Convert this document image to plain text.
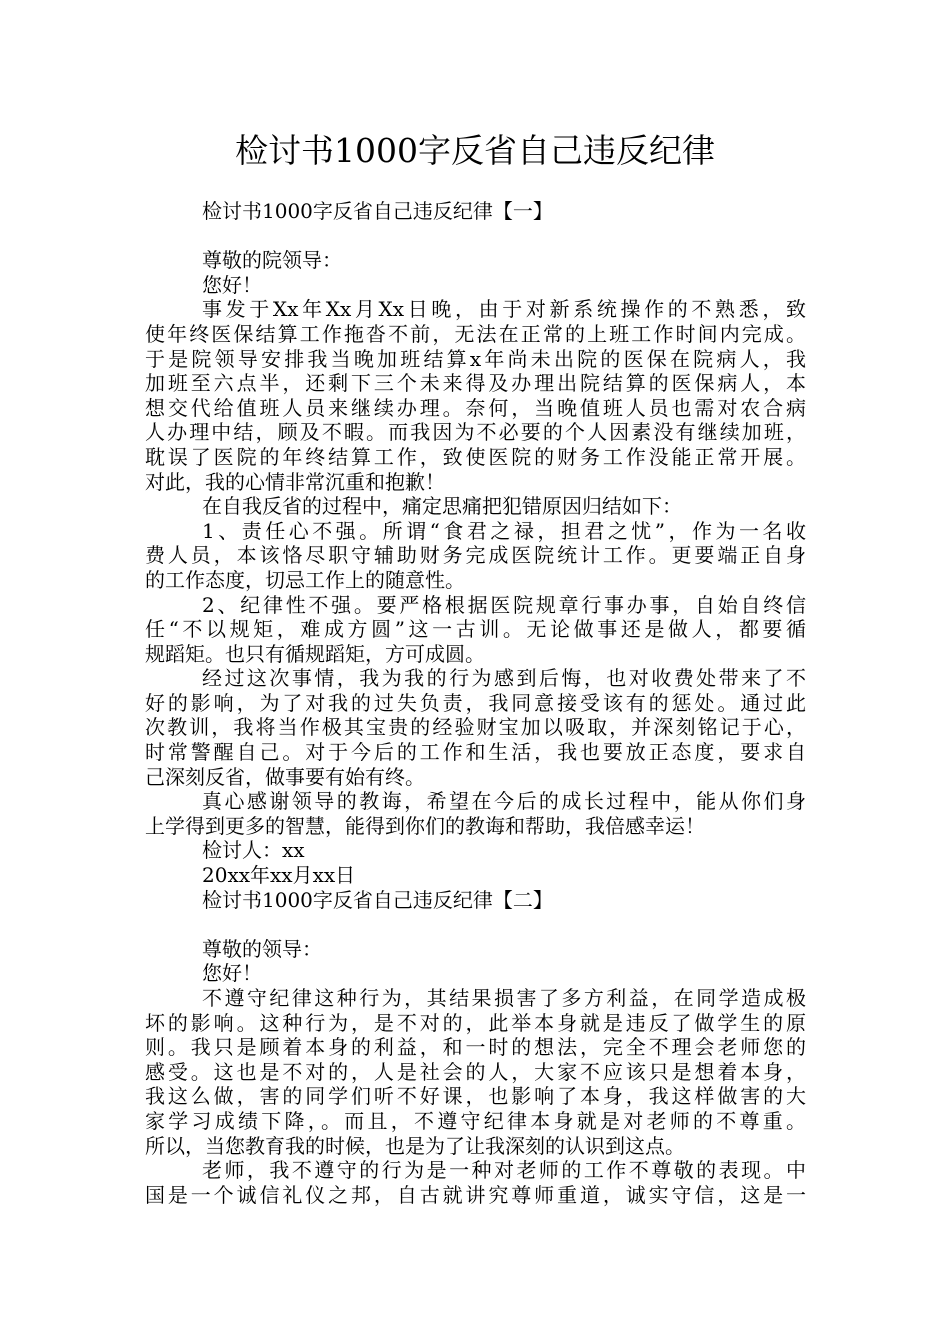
检讨书1000字反省自己违反纪律
检讨书1000字反省自己违反纪律【一】
尊敬的院领导：
您好！
事发于Xx年Xx月Xx日晚，由于对新系统操作的不熟悉，致
使年终医保结算工作拖沓不前，无法在正常的上班工作时间内完成。
于是院领导安排我当晚加班结算x年尚未出院的医保在院病人，我
加班至六点半，还剩下三个未来得及办理出院结算的医保病人，本
想交代给值班人员来继续办理。奈何，当晚值班人员也需对农合病
人办理中结，顾及不暇。而我因为不必要的个人因素没有继续加班，
耽误了医院的年终结算工作，致使医院的财务工作没能正常开展。
对此，我的心情非常沉重和抱歉！
在自我反省的过程中，痛定思痛把犯错原因归结如下：
1、责任心不强。所谓“食君之禄，担君之忧”，作为一名收
费人员，本该恪尽职守辅助财务完成医院统计工作。更要端正自身
的工作态度，切忌工作上的随意性。
2、纪律性不强。要严格根据医院规章行事办事，自始自终信
任“不以规矩，难成方圆”这一古训。无论做事还是做人，都要循
规蹈矩。也只有循规蹈矩，方可成圆。
经过这次事情，我为我的行为感到后悔，也对收费处带来了不
好的影响，为了对我的过失负责，我同意接受该有的惩处。通过此
次教训，我将当作极其宝贵的经验财宝加以吸取，并深刻铭记于心，
时常警醒自己。对于今后的工作和生活，我也要放正态度，要求自
己深刻反省，做事要有始有终。
真心感谢领导的教诲，希望在今后的成长过程中，能从你们身
上学得到更多的智慧，能得到你们的教诲和帮助，我倍感幸运！
检讨人：xx
20xx年xx月xx日
检讨书1000字反省自己违反纪律【二】
尊敬的领导：
您好！
不遵守纪律这种行为，其结果损害了多方利益，在同学造成极
坏的影响。这种行为，是不对的，此举本身就是违反了做学生的原
则。我只是顾着本身的利益，和一时的想法，完全不理会老师您的
感受。这也是不对的，人是社会的人，大家不应该只是想着本身，
我这么做，害的同学们听不好课，也影响了本身，我这样做害的大
家学习成绩下降，。而且，不遵守纪律本身就是对老师的不尊重。
所以，当您教育我的时候，也是为了让我深刻的认识到这点。
老师，我不遵守的行为是一种对老师的工作不尊敬的表现。中
国是一个诚信礼仪之邦，自古就讲究尊师重道，诚实守信，这是一
